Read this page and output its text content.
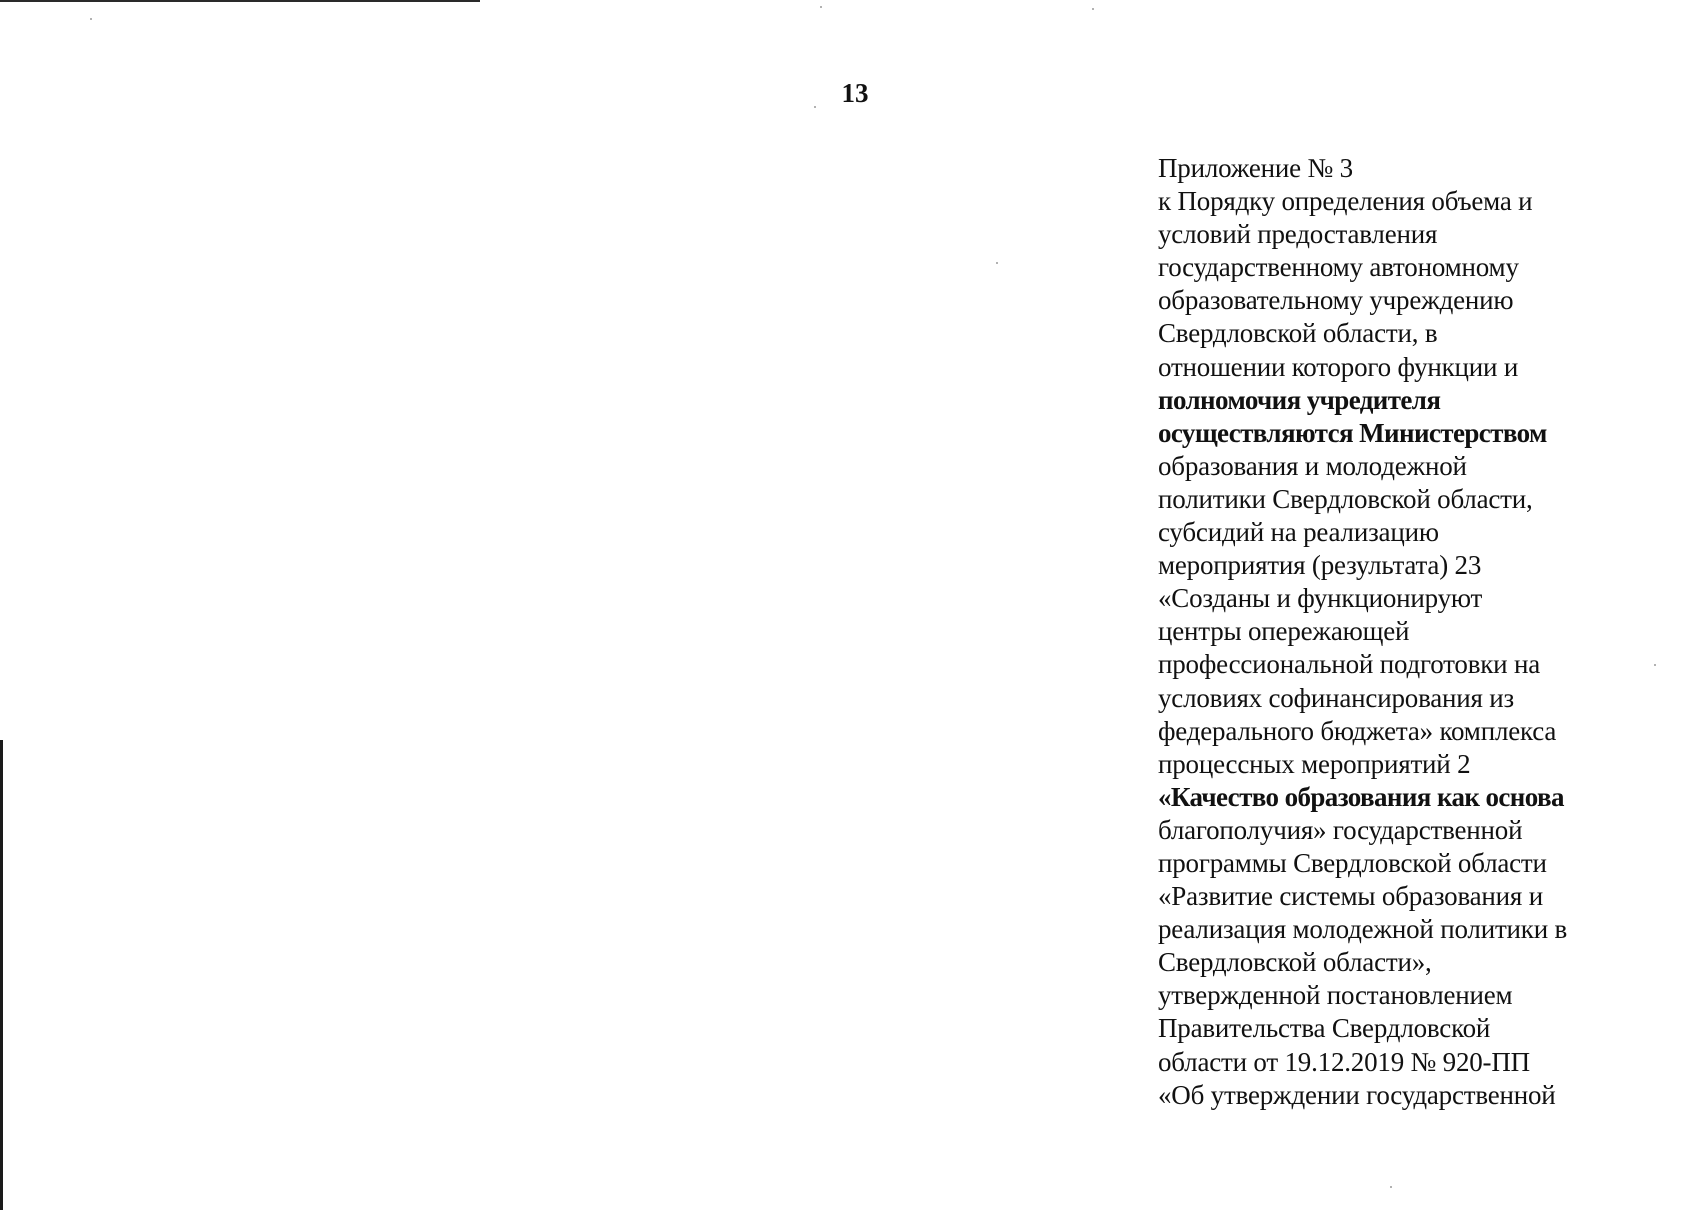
13
Приложение № 3
к Порядку определения объема и
условий предоставления
государственному автономному
образовательному учреждению
Свердловской области, в
отношении которого функции и
полномочия учредителя
осуществляются Министерством
образования и молодежной
политики Свердловской области,
субсидий на реализацию
мероприятия (результата) 23
«Созданы и функционируют
центры опережающей
профессиональной подготовки на
условиях софинансирования из
федерального бюджета» комплекса
процессных мероприятий 2
«Качество образования как основа
благополучия» государственной
программы Свердловской области
«Развитие системы образования и
реализация молодежной политики в
Свердловской области»,
утвержденной постановлением
Правительства Свердловской
области от 19.12.2019 № 920-ПП
«Об утверждении государственной
